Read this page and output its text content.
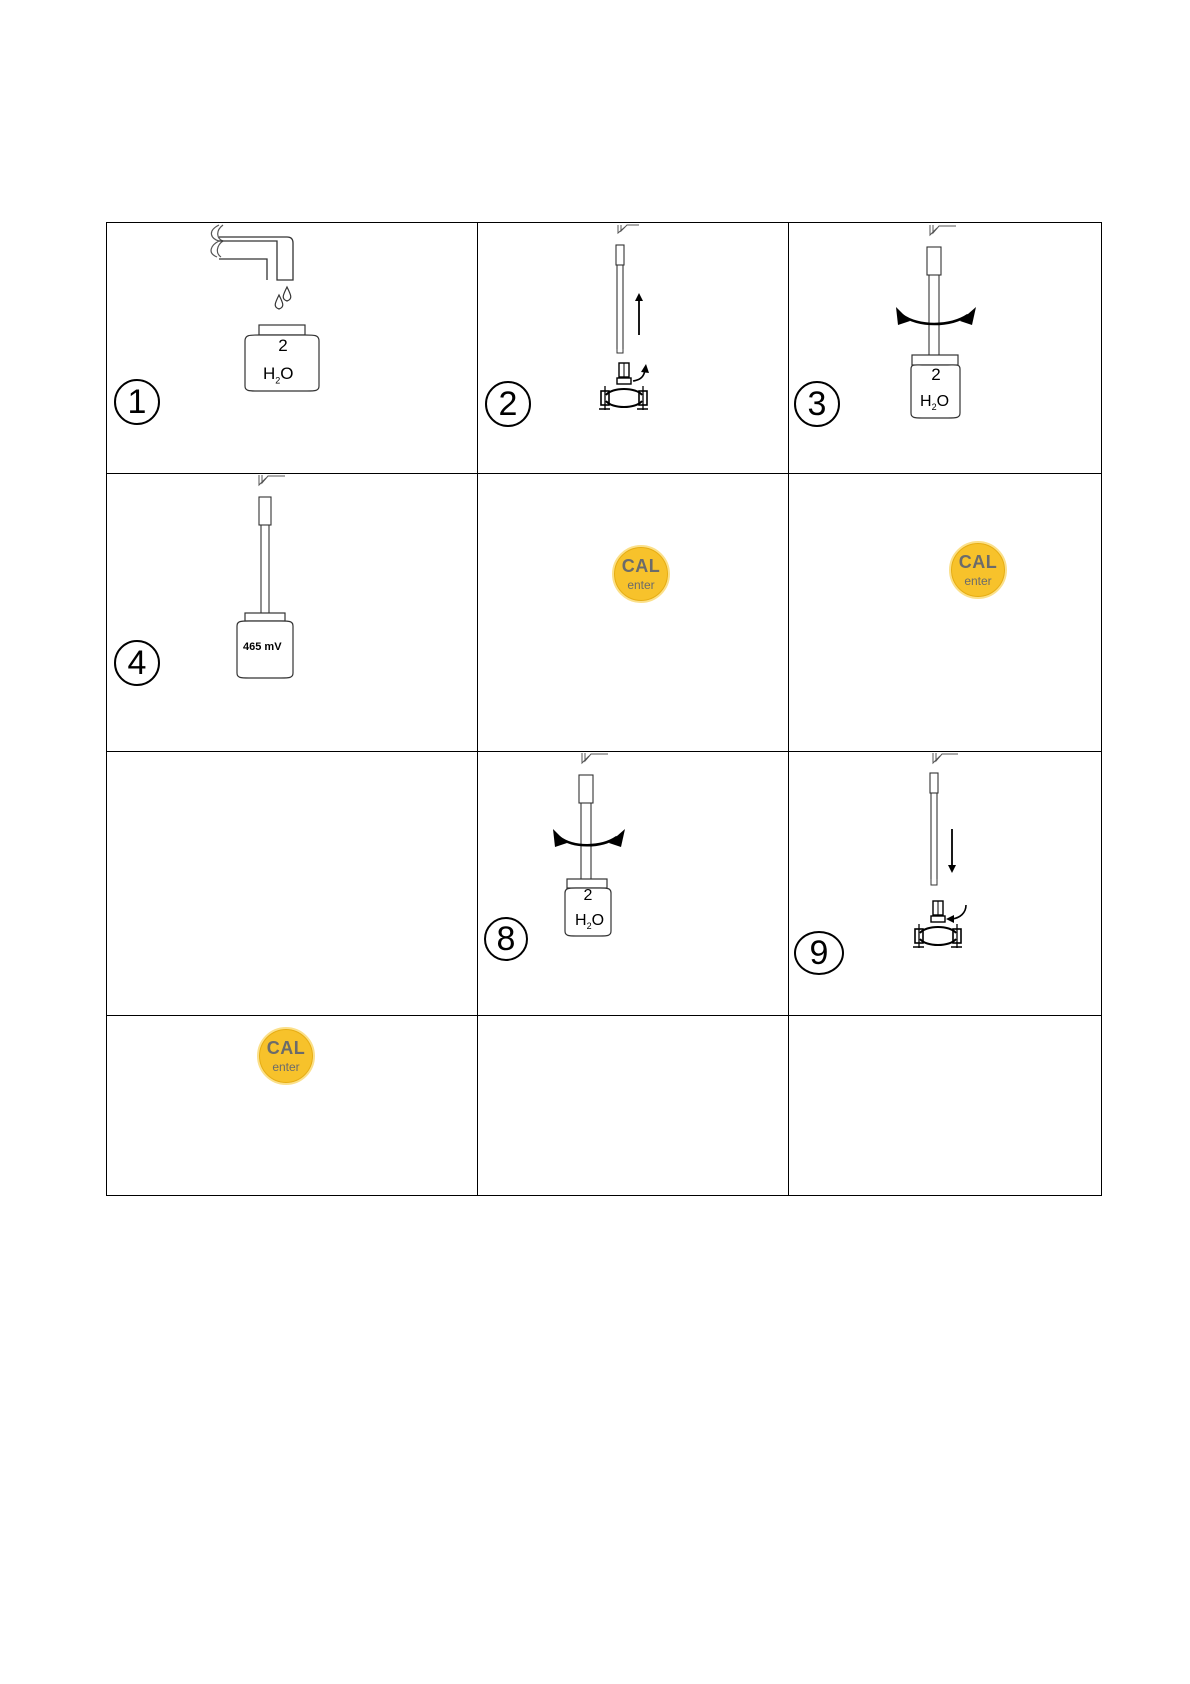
2
$H_2O$
1	2
2
$H_2O$
3
465 mV
4
CAL
enter
CAL
enter
2
$H_2O$
8	9
CAL
enter
